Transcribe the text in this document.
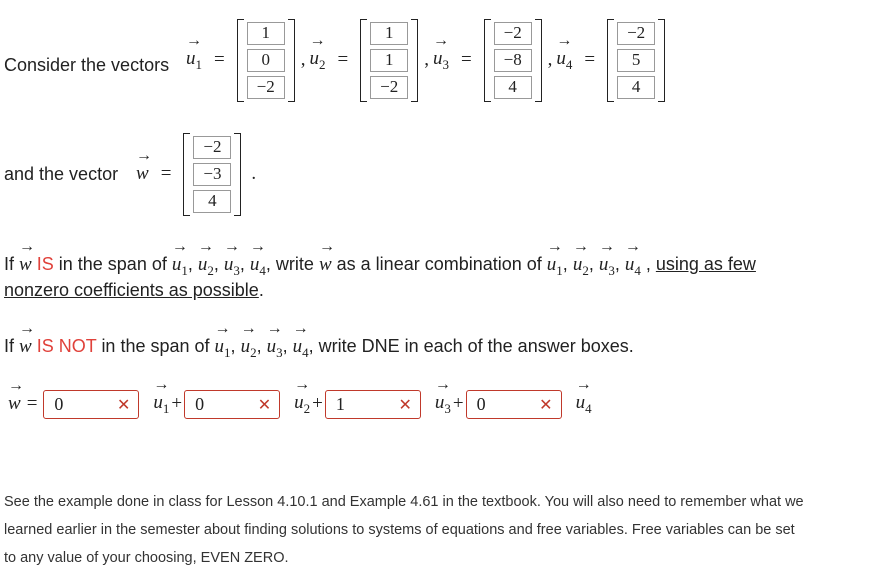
Consider the vectors
→
$u_1$ =
1
0
−2
,
→
$u_2$ =
1
1
−2
,
→
$u_3$ =
−2
−8
4
,
→
$u_4$ =
−2
5
4
and the vector
→
w =
−2
−3
4
.
If
→
w IS in the span of
→
$u_1$,
→
$u_2$,
→
$u_3$,
→
$u_4$, write
→
w as a linear combination of
→
$u_1$,
→
$u_2$,
→
$u_3$,
→
$u_4$ , using as few
nonzero coefficients as possible.
If
→
w IS NOT in the span of
→
$u_1$,
→
$u_2$,
→
$u_3$,
→
$u_4$, write DNE in each of the answer boxes.
→
w = 0	✕
→
$u_1 + 0$	✕
→
$u_2 + 1$	✕
→
$u_3 + 0$	✕
→
$u_4$
See the example done in class for Lesson 4.10.1 and Example 4.61 in the textbook. You will also need to remember what we
learned earlier in the semester about finding solutions to systems of equations and free variables. Free variables can be set
to any value of your choosing, EVEN ZERO.
